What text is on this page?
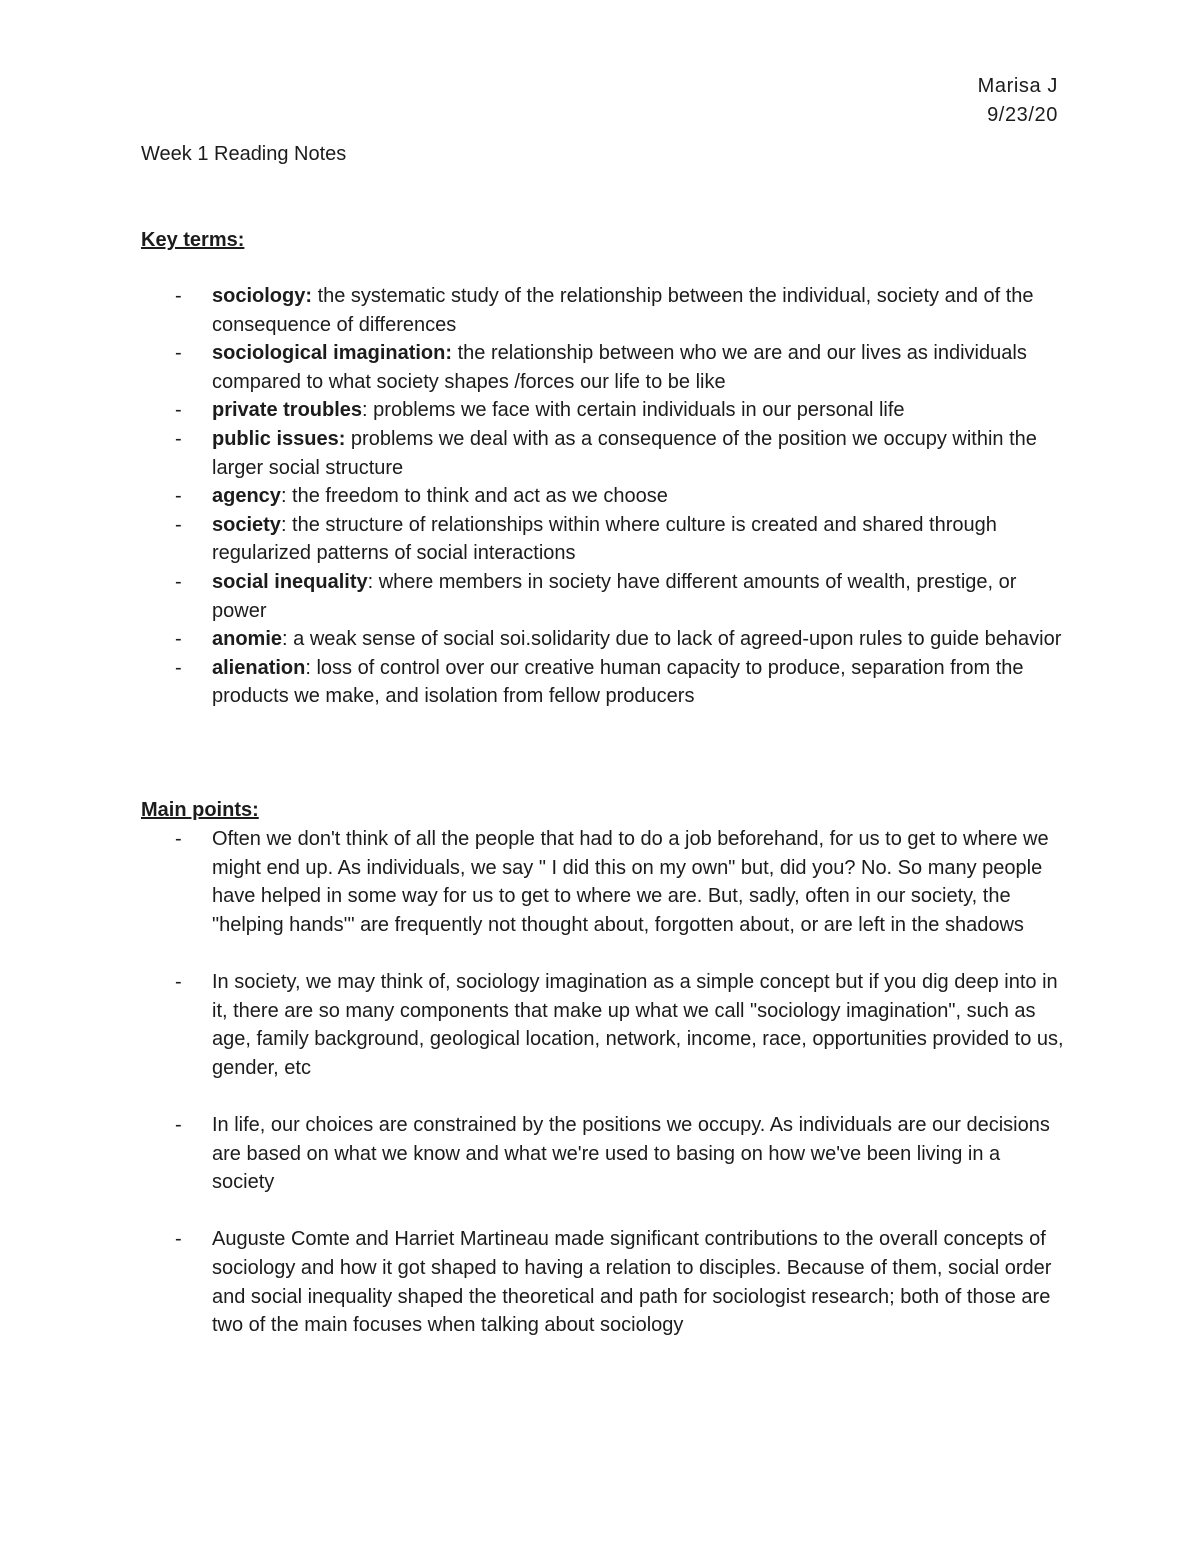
Marisa J
9/23/20
Week 1 Reading Notes
Key terms:
- sociology: the systematic study of the relationship between the individual, society and of the consequence of differences
- sociological imagination: the relationship between who we are and our lives as individuals compared to what society shapes /forces our life to be like
- private troubles: problems we face with certain individuals in our personal life
- public issues: problems we deal with as a consequence of the position we occupy within the larger social structure
- agency: the freedom to think and act as we choose
- society: the structure of relationships within where culture is created and shared through regularized patterns of social interactions
- social inequality: where members in society have different amounts of wealth, prestige, or power
- anomie: a weak sense of social soi.solidarity due to lack of agreed-upon rules to guide behavior
- alienation: loss of control over our creative human capacity to produce, separation from the products we make, and isolation from fellow producers
Main points:
- Often we don't think of all the people that had to do a job beforehand, for us to get to where we might end up. As individuals, we say " I did this on my own" but, did you? No. So many people have helped in some way for us to get to where we are. But, sadly, often in our society, the "helping hands'" are frequently not thought about, forgotten about, or are left in the shadows
- In society, we may think of, sociology imagination as a simple concept but if you dig deep into in it, there are so many components that make up what we call "sociology imagination", such as age, family background, geological location, network, income, race, opportunities provided to us, gender, etc
- In life, our choices are constrained by the positions we occupy. As individuals are our decisions are based on what we know and what we're used to basing on how we've been living in a society
- Auguste Comte and Harriet Martineau made significant contributions to the overall concepts of sociology and how it got shaped to having a relation to disciples. Because of them, social order and social inequality shaped the theoretical and path for sociologist research; both of those are two of the main focuses when talking about sociology
